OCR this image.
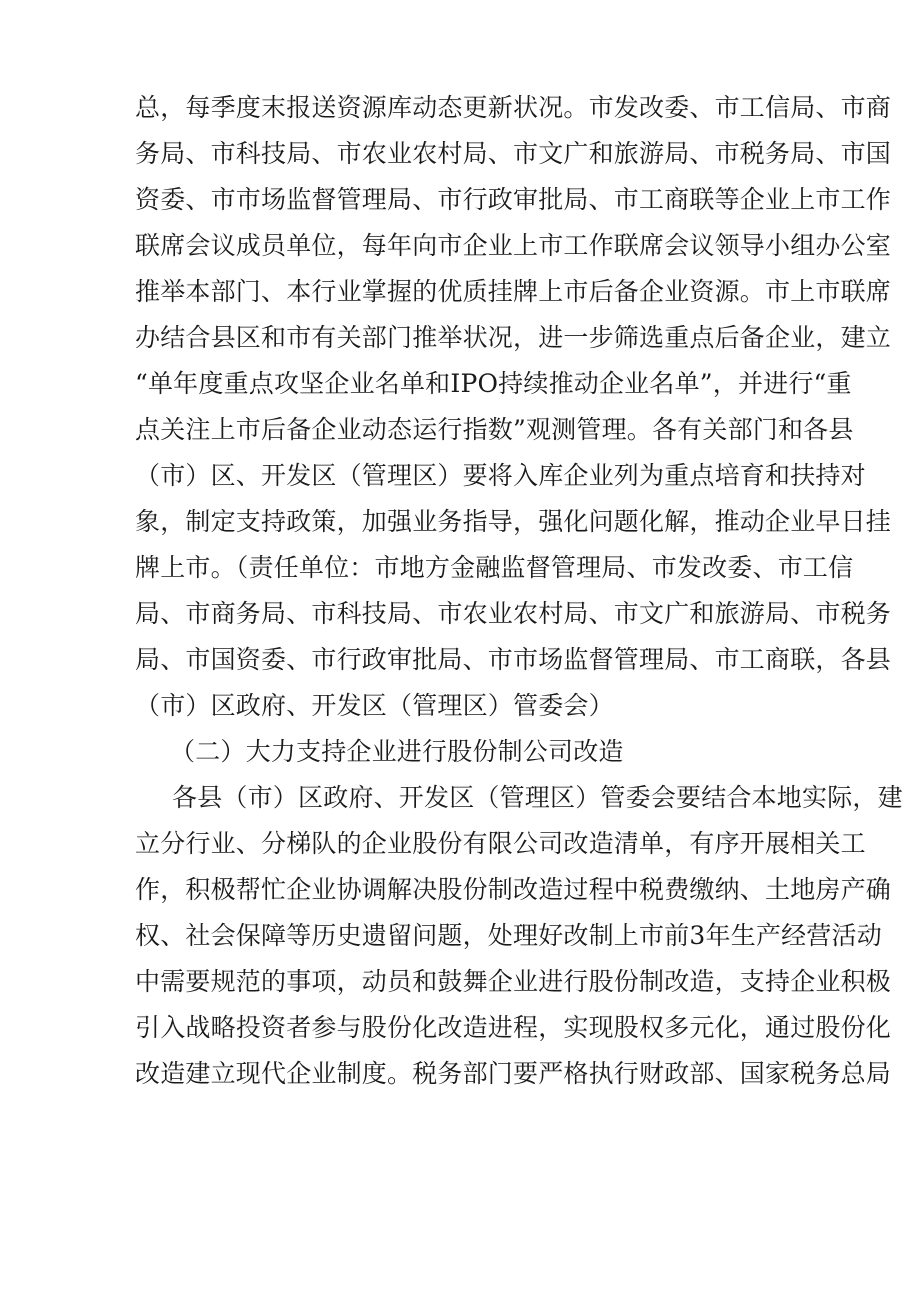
总，每季度末报送资源库动态更新状况。市发改委、市工信局、市商
务局、市科技局、市农业农村局、市文广和旅游局、市税务局、市国
资委、市市场监督管理局、市行政审批局、市工商联等企业上市工作
联席会议成员单位，每年向市企业上市工作联席会议领导小组办公室
推举本部门、本行业掌握的优质挂牌上市后备企业资源。市上市联席
办结合县区和市有关部门推举状况，进一步筛选重点后备企业，建立
“单年度重点攻坚企业名单和IPO持续推动企业名单”，并进行“重
点关注上市后备企业动态运行指数”观测管理。各有关部门和各县
（市）区、开发区（管理区）要将入库企业列为重点培育和扶持对
象，制定支持政策，加强业务指导，强化问题化解，推动企业早日挂
牌上市。（责任单位：市地方金融监督管理局、市发改委、市工信
局、市商务局、市科技局、市农业农村局、市文广和旅游局、市税务
局、市国资委、市行政审批局、市市场监督管理局、市工商联，各县
（市）区政府、开发区（管理区）管委会）
（二）大力支持企业进行股份制公司改造
各县（市）区政府、开发区（管理区）管委会要结合本地实际，建
立分行业、分梯队的企业股份有限公司改造清单，有序开展相关工
作，积极帮忙企业协调解决股份制改造过程中税费缴纳、土地房产确
权、社会保障等历史遗留问题，处理好改制上市前3年生产经营活动
中需要规范的事项，动员和鼓舞企业进行股份制改造，支持企业积极
引入战略投资者参与股份化改造进程，实现股权多元化，通过股份化
改造建立现代企业制度。税务部门要严格执行财政部、国家税务总局
